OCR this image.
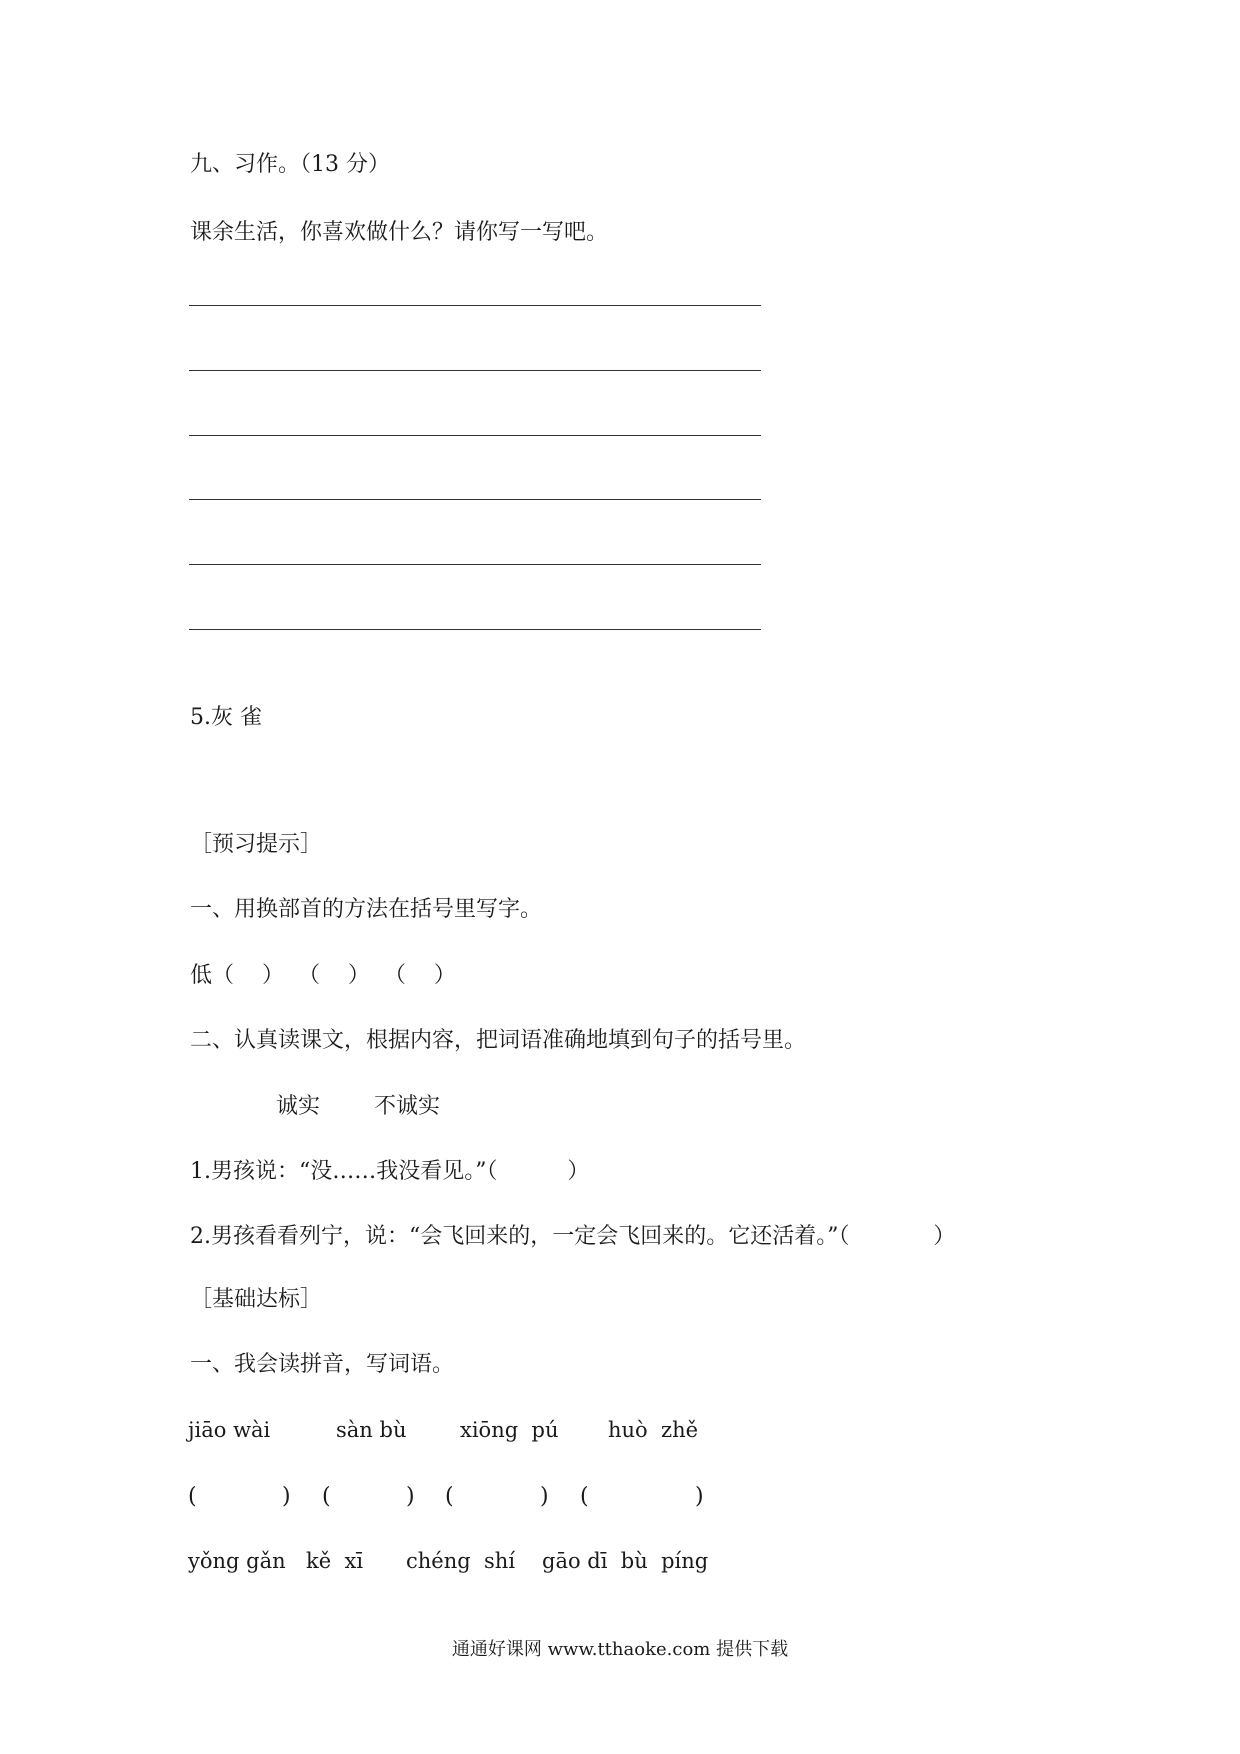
九、习作。（13 分）
课余生活，你喜欢做什么？请你写一写吧。
5.灰 雀
［预习提示］
一、用换部首的方法在括号里写字。
低（    ）  （    ）  （    ）
二、认真读课文，根据内容，把词语准确地填到句子的括号里。
诚实 不诚实
1.男孩说：“没……我没看见。”（          ）
2.男孩看看列宁，说：“会飞回来的，一定会飞回来的。它还活着。”（            ）
［基础达标］
一、我会读拼音，写词语。
jiāo wài	sàn bù	xiōng  pú huò  zhě
(	) (	) (	) (	)
yǒng gǎn kě  xī chéng  shí gāo dī  bù  píng
通通好课网 www.tthaoke.com 提供下载
